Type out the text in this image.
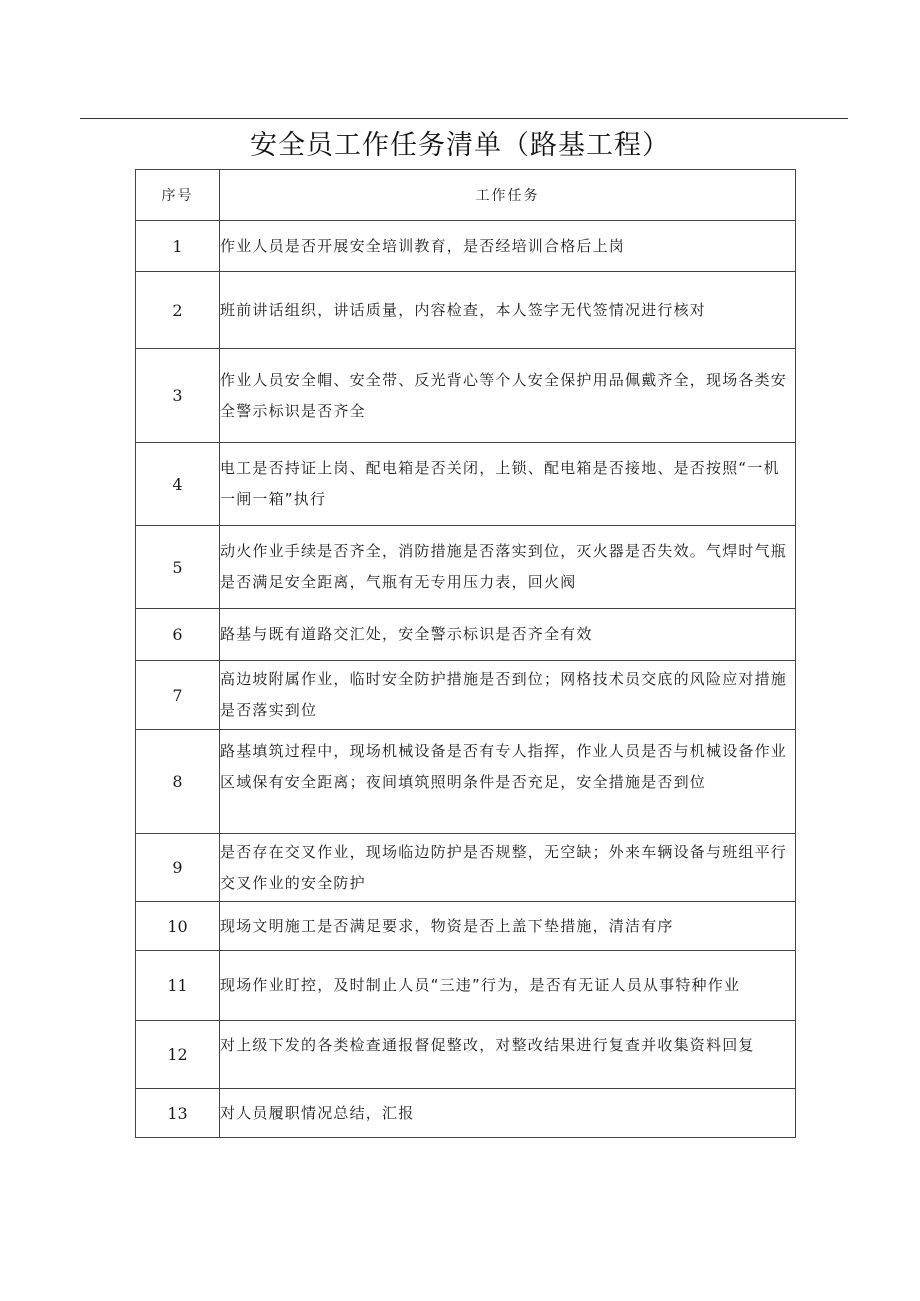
安全员工作任务清单（路基工程）
序号	工作任务
1	作业人员是否开展安全培训教育，是否经培训合格后上岗
2	班前讲话组织，讲话质量，内容检查，本人签字无代签情况进行核对
3	作业人员安全帽、安全带、反光背心等个人安全保护用品佩戴齐全，现场各类安全警示标识是否齐全
4	电工是否持证上岗、配电箱是否关闭，上锁、配电箱是否接地、是否按照“一机一闸一箱”执行
5	动火作业手续是否齐全，消防措施是否落实到位，灭火器是否失效。气焊时气瓶是否满足安全距离，气瓶有无专用压力表，回火阀
6	路基与既有道路交汇处，安全警示标识是否齐全有效
7	高边坡附属作业，临时安全防护措施是否到位；网格技术员交底的风险应对措施是否落实到位
8	路基填筑过程中，现场机械设备是否有专人指挥，作业人员是否与机械设备作业区域保有安全距离；夜间填筑照明条件是否充足，安全措施是否到位
9	是否存在交叉作业，现场临边防护是否规整，无空缺；外来车辆设备与班组平行交叉作业的安全防护
10	现场文明施工是否满足要求，物资是否上盖下垫措施，清洁有序
11	现场作业盯控，及时制止人员“三违”行为，是否有无证人员从事特种作业
12	对上级下发的各类检查通报督促整改，对整改结果进行复查并收集资料回复
13	对人员履职情况总结，汇报
